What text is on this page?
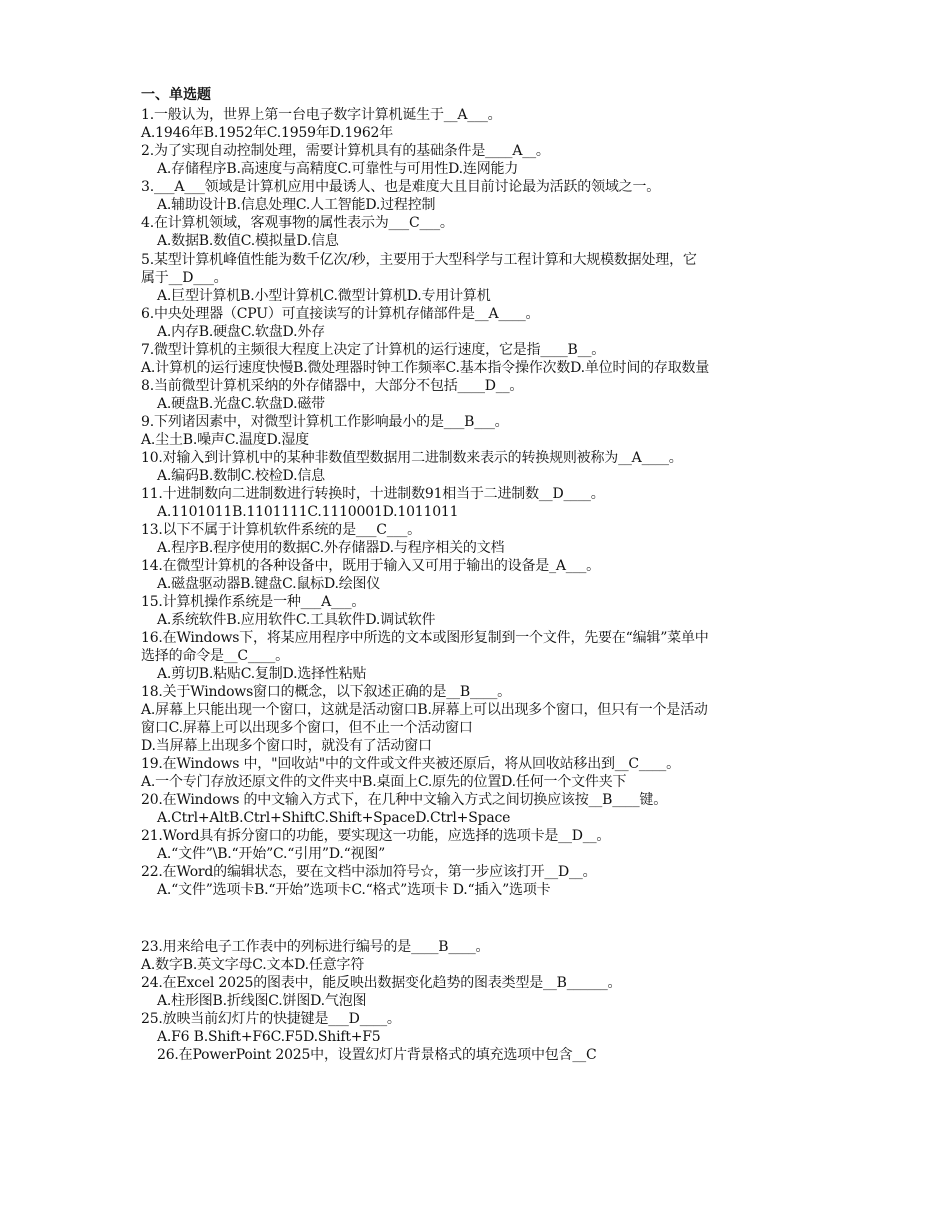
一、单选题
1.一般认为，世界上第一台电子数字计算机诞生于__A___。
A.1946年B.1952年C.1959年D.1962年
2.为了实现自动控制处理，需要计算机具有的基础条件是____A__。
A.存储程序B.高速度与高精度C.可靠性与可用性D.连网能力
3.___A___领域是计算机应用中最诱人、也是难度大且目前讨论最为活跃的领域之一。
A.辅助设计B.信息处理C.人工智能D.过程控制
4.在计算机领域，客观事物的属性表示为___C___。
A.数据B.数值C.模拟量D.信息
5.某型计算机峰值性能为数千亿次/秒，主要用于大型科学与工程计算和大规模数据处理，它
属于__D___。
A.巨型计算机B.小型计算机C.微型计算机D.专用计算机
6.中央处理器（CPU）可直接读写的计算机存储部件是__A____。
A.内存B.硬盘C.软盘D.外存
7.微型计算机的主频很大程度上决定了计算机的运行速度，它是指____B__。
A.计算机的运行速度快慢B.微处理器时钟工作频率C.基本指令操作次数D.单位时间的存取数量
8.当前微型计算机采纳的外存储器中，大部分不包括____D__。
A.硬盘B.光盘C.软盘D.磁带
9.下列诸因素中，对微型计算机工作影响最小的是___B___。
A.尘土B.噪声C.温度D.湿度
10.对输入到计算机中的某种非数值型数据用二进制数来表示的转换规则被称为__A____。
A.编码B.数制C.校检D.信息
11.十进制数向二进制数进行转换时，十进制数91相当于二进制数__D____。
A.1101011B.1101111C.1110001D.1011011
13.以下不属于计算机软件系统的是___C___。
A.程序B.程序使用的数据C.外存储器D.与程序相关的文档
14.在微型计算机的各种设备中，既用于输入又可用于输出的设备是_A___。
A.磁盘驱动器B.键盘C.鼠标D.绘图仪
15.计算机操作系统是一种___A___。
A.系统软件B.应用软件C.工具软件D.调试软件
16.在Windows下，将某应用程序中所选的文本或图形复制到一个文件，先要在“编辑”菜单中
选择的命令是__C____。
A.剪切B.粘贴C.复制D.选择性粘贴
18.关于Windows窗口的概念，以下叙述正确的是__B____。
A.屏幕上只能出现一个窗口，这就是活动窗口B.屏幕上可以出现多个窗口，但只有一个是活动
窗口C.屏幕上可以出现多个窗口，但不止一个活动窗口
D.当屏幕上出现多个窗口时，就没有了活动窗口
19.在Windows 中，"回收站"中的文件或文件夹被还原后，将从回收站移出到__C____。
A.一个专门存放还原文件的文件夹中B.桌面上C.原先的位置D.任何一个文件夹下
20.在Windows 的中文输入方式下，在几种中文输入方式之间切换应该按__B____键。
A.Ctrl+AltB.Ctrl+ShiftC.Shift+SpaceD.Ctrl+Space
21.Word具有拆分窗口的功能，要实现这一功能，应选择的选项卡是__D__。
A.“文件”\B.“开始”C.“引用”D.“视图”
22.在Word的编辑状态，要在文档中添加符号☆，第一步应该打开__D__。
A.“文件”选项卡B.“开始”选项卡C.“格式”选项卡 D.“插入”选项卡
23.用来给电子工作表中的列标进行编号的是____B____。
A.数字B.英文字母C.文本D.任意字符
24.在Excel 2025的图表中，能反映出数据变化趋势的图表类型是__B______。
A.柱形图B.折线图C.饼图D.气泡图
25.放映当前幻灯片的快捷键是___D____。
A.F6 B.Shift+F6C.F5D.Shift+F5
26.在PowerPoint 2025中，设置幻灯片背景格式的填充选项中包含__C
